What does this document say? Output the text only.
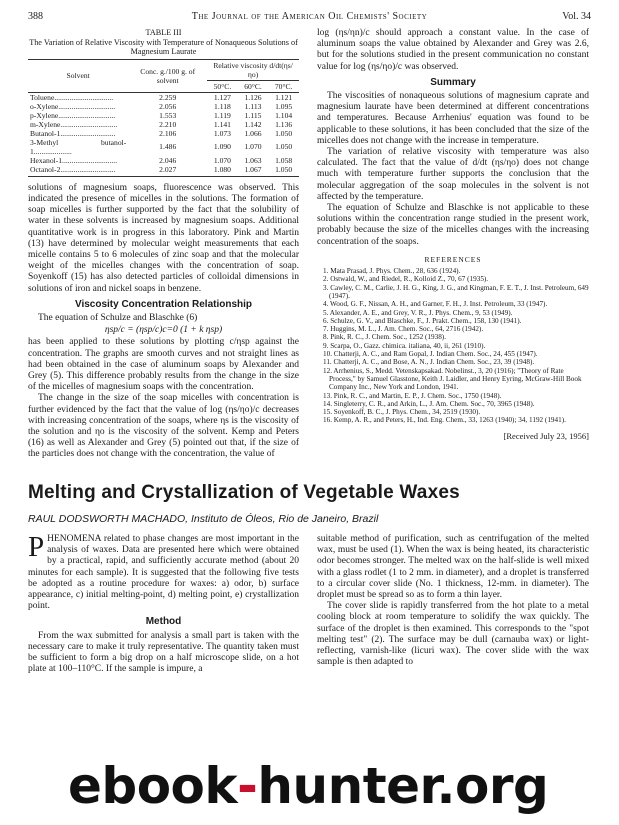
388	The Journal of the American Oil Chemists' Society	Vol. 34
TABLE III
The Variation of Relative Viscosity with Temperature of Nonaqueous Solutions of Magnesium Laurate
Solvent	Conc. g./100 g. of solvent	Relative viscosity d/dt(ηs/ηo)		
		50°C.	60°C.	70°C.
Toluene...............................	2.259	1.127	1.126	1.121
o-Xylene..............................	2.056	1.118	1.113	1.095
p-Xylene..............................	1.553	1.119	1.115	1.104
m-Xylene..............................	2.210	1.141	1.142	1.136
Butanol-1.............................	2.106	1.073	1.066	1.050
3-Methyl butanol-1....................	1.486	1.090	1.070	1.050
Hexanol-1.............................	2.046	1.070	1.063	1.058
Octanol-2.............................	2.027	1.080	1.067	1.050

solutions of magnesium soaps, fluorescence was observed. This indicated the presence of micelles in the solutions. The formation of soap micelles is further supported by the fact that the solubility of water in these solvents is increased by magnesium soaps. Additional quantitative work is in progress in this laboratory. Pink and Martin (13) have determined by molecular weight measurements that each micelle contains 5 to 6 molecules of zinc soap and that the molecular weight of the micelles changes with the concentration of soap. Soyenkoff (15) has also detected particles of colloidal dimensions in solutions of iron and nickel soaps in benzene.

Viscosity Concentration Relationship

The equation of Schulze and Blaschke (6)

ηsp/c = (ηsp/c)c=0 (1 + k ηsp)

has been applied to these solutions by plotting c/ηsp against the concentration. The graphs are smooth curves and not straight lines as had been obtained in the case of aluminum soaps by Alexander and Grey (5). This difference probably results from the change in the size of the micelles of magnesium soaps with the concentration.

The change in the size of the soap micelles with concentration is further evidenced by the fact that the value of log (ηs/ηo)/c decreases with increasing concentration of the soaps, where ηs is the viscosity of the solution and ηo is the viscosity of the solvent. Kemp and Peters (16) as well as Alexander and Grey (5) pointed out that, if the size of the particles does not change with the concentration, the value of

log (ηs/ηn)/c should approach a constant value. In the case of aluminum soaps the value obtained by Alexander and Grey was 2.6, but for the solutions studied in the present communication no constant value for log (ηs/ηo)/c was observed.

Summary

The viscosities of nonaqueous solutions of magnesium caprate and magnesium laurate have been determined at different concentrations and temperatures. Because Arrhenius' equation was found to be applicable to these solutions, it has been concluded that the size of the micelles does not change with the increase in temperature.

The variation of relative viscosity with temperature was also calculated. The fact that the value of d/dt (ηs/ηo) does not change much with temperature further supports the conclusion that the molecular aggregation of the soap molecules in the solvent is not affected by the temperature.

The equation of Schulze and Blaschke is not applicable to these solutions within the concentration range studied in the present work, probably because the size of the micelles changes with the increasing concentration of the soaps.

REFERENCES
1. Mata Prasad, J. Phys. Chem., 28, 636 (1924).
2. Ostwald, W., and Riedel, R., Kolloid Z., 70, 67 (1935).
3. Cawley, C. M., Carlie, J. H. G., King, J. G., and Kingman, F. E. T., J. Inst. Petroleum, 649 (1947).
4. Wood, G. F., Nissan, A. H., and Garner, F. H., J. Inst. Petroleum, 33 (1947).
5. Alexander, A. E., and Grey, V. R., J. Phys. Chem., 9, 53 (1949).
6. Schulze, G. V., and Blaschke, F., J. Prakt. Chem., 158, 130 (1941).
7. Huggins, M. L., J. Am. Chem. Soc., 64, 2716 (1942).
8. Pink, R. C., J. Chem. Soc., 1252 (1938).
9. Scarpa, O., Gazz. chimica. italiana, 40, ii, 261 (1910).
10. Chatterji, A. C., and Ram Gopal, J. Indian Chem. Soc., 24, 455 (1947).
11. Chatterji, A. C., and Bose, A. N., J. Indian Chem. Soc., 23, 39 (1948).
12. Arrhenius, S., Medd. Vetenskapsakad. Nobelinst., 3, 20 (1916); "Theory of Rate Process," by Samuel Glasstone, Keith J. Laidler, and Henry Eyring, McGraw-Hill Book Company Inc., New York and London, 1941.
13. Pink, R. C., and Martin, E. P., J. Chem. Soc., 1750 (1948).
14. Singleterry, C. R., and Arkin, L., J. Am. Chem. Soc., 70, 3965 (1948).
15. Soyenkoff, B. C., J. Phys. Chem., 34, 2519 (1930).
16. Kemp, A. R., and Peters, H., Ind. Eng. Chem., 33, 1263 (1940); 34, 1192 (1941).
[Received July 23, 1956]
Melting and Crystallization of Vegetable Waxes
RAUL DODSWORTH MACHADO, Instituto de Óleos, Rio de Janeiro, Brazil

PHENOMENA related to phase changes are most important in the analysis of waxes. Data are presented here which were obtained by a practical, rapid, and sufficiently accurate method (about 20 minutes for each sample). It is suggested that the following five tests be adopted as a routine procedure for waxes: a) odor, b) surface appearance, c) initial melting-point, d) melting point, e) crystallization point.

Method

From the wax submitted for analysis a small part is taken with the necessary care to make it truly representative. The quantity taken must be sufficient to form a big drop on a half microscope slide, on a hot plate at 100–110°C. If the sample is impure, a

suitable method of purification, such as centrifugation of the melted wax, must be used (1). When the wax is being heated, its characteristic odor becomes stronger. The melted wax on the half-slide is well mixed with a glass rodlet (1 to 2 mm. in diameter), and a droplet is transferred to a circular cover slide (No. 1 thickness, 12-mm. in diameter). The droplet must be spread so as to form a thin layer.

The cover slide is rapidly transferred from the hot plate to a metal cooling block at room temperature to solidify the wax quickly. The surface of the droplet is then examined. This corresponds to the "spot melting test" (2). The surface may be dull (carnauba wax) or light-reflecting, varnish-like (licuri wax). The cover slide with the wax sample is then adapted to

ebook-hunter.org
